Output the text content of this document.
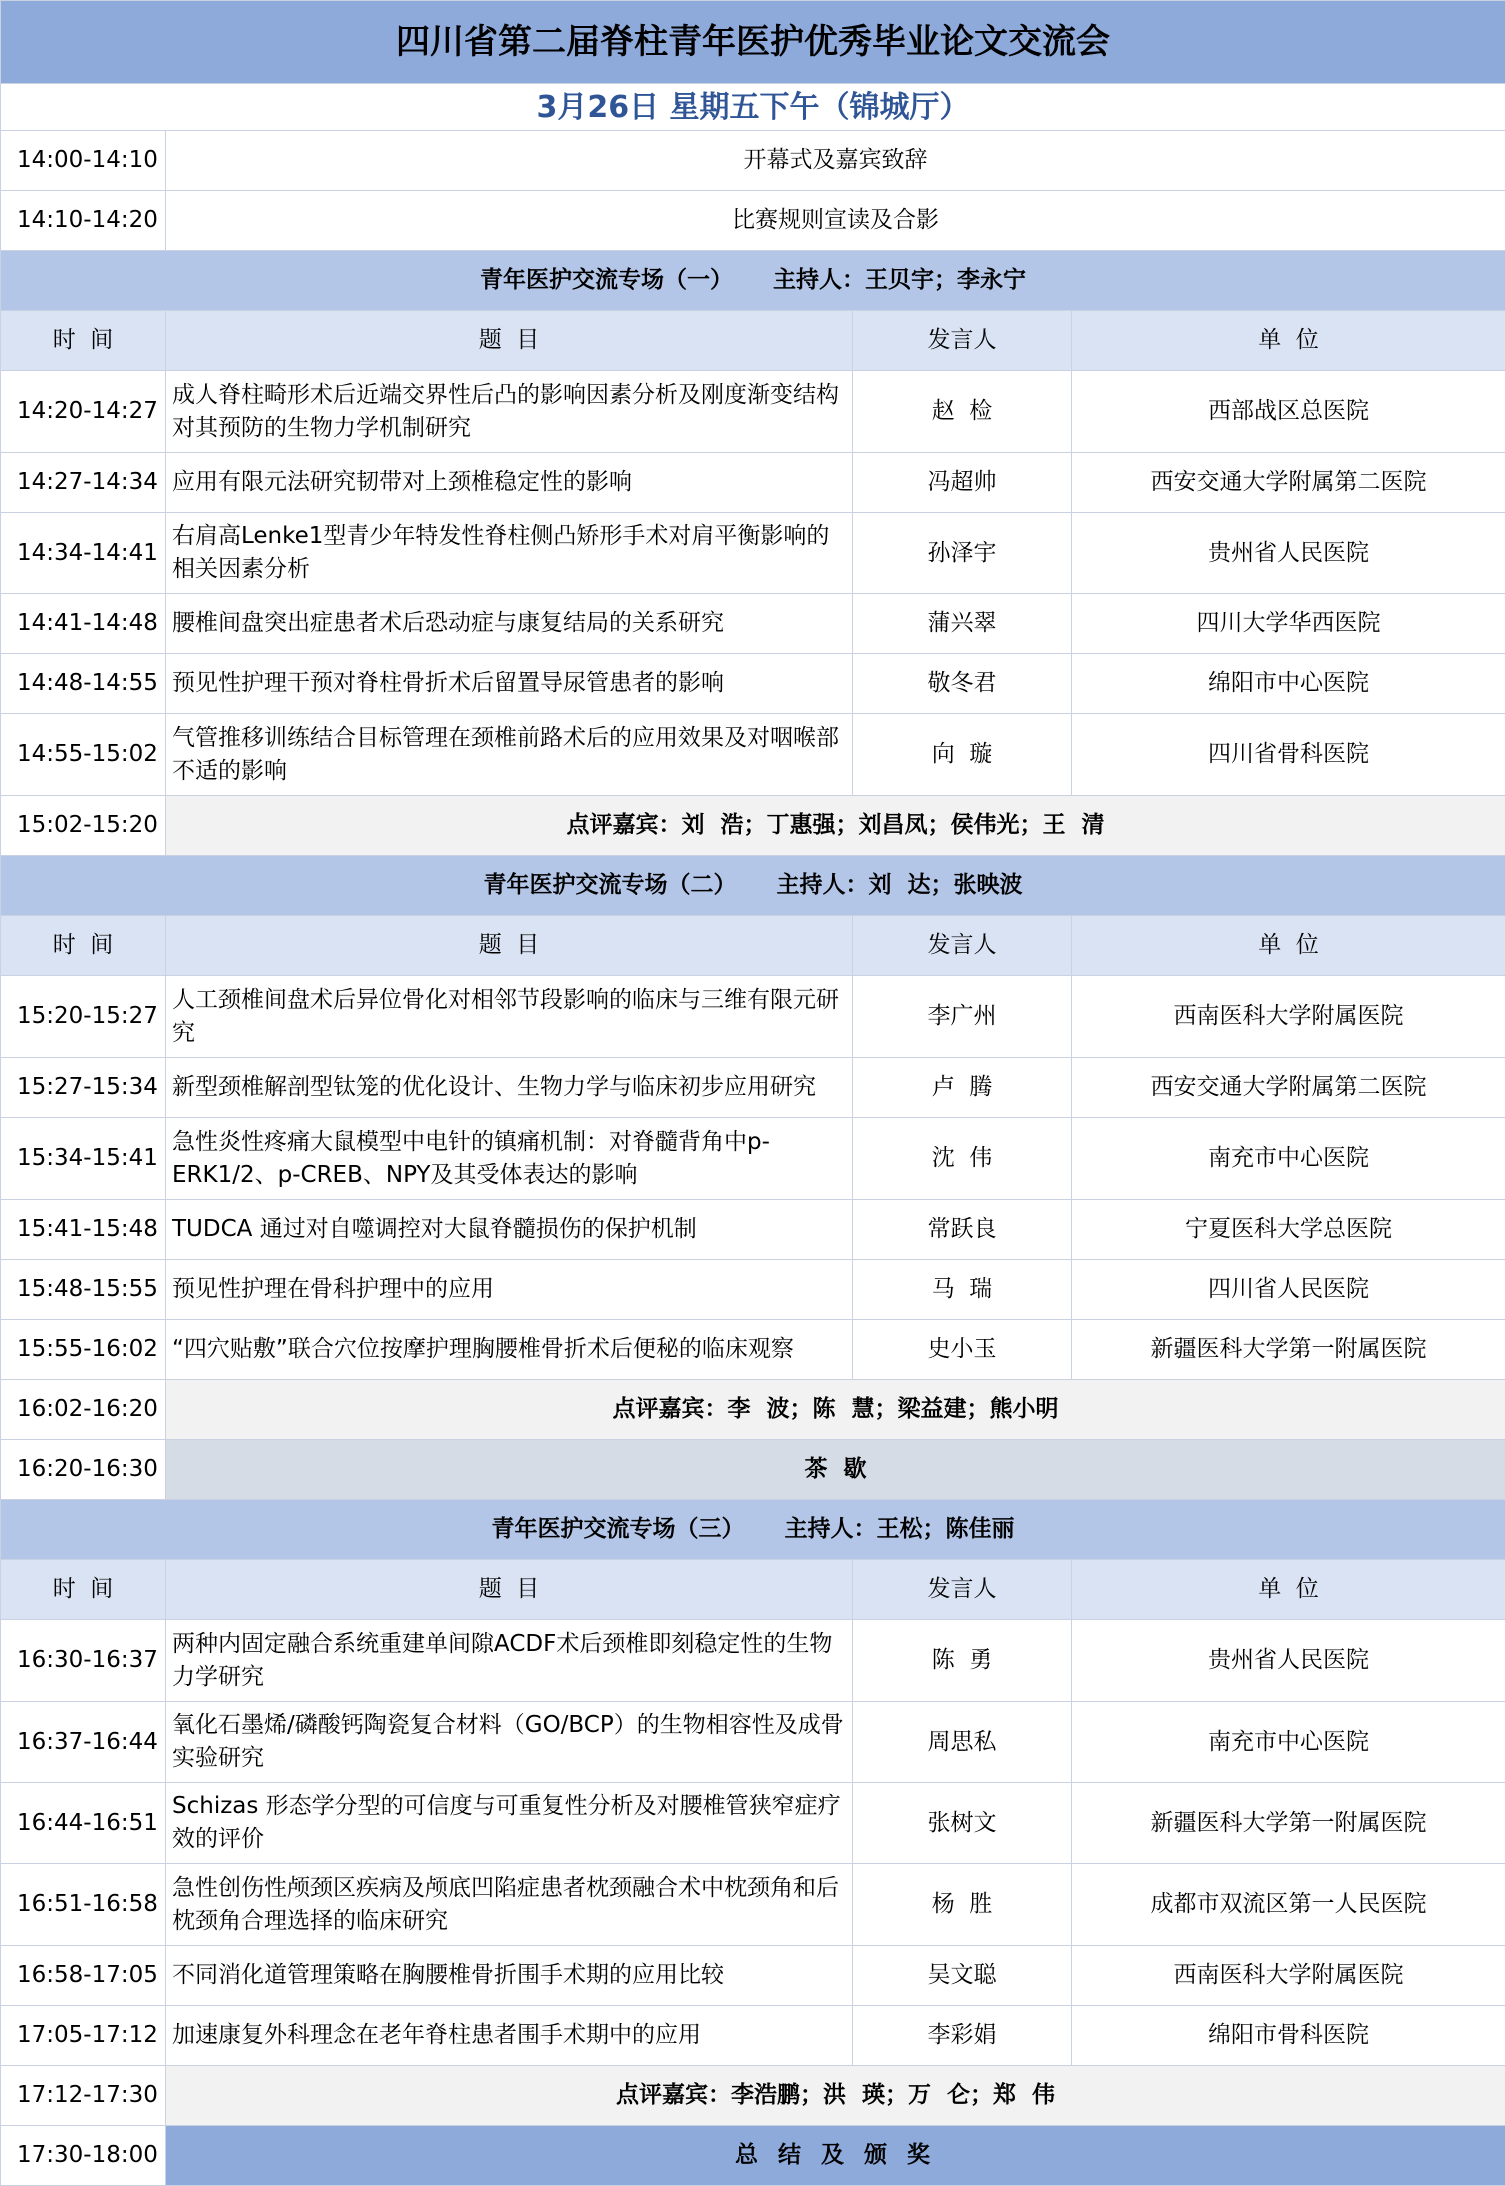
四川省第二届脊柱青年医护优秀毕业论文交流会			
3月26日 星期五下午（锦城厅）			
14:00-14:10	开幕式及嘉宾致辞		
14:10-14:20	比赛规则宣读及合影		
青年医护交流专场（一）     主持人：王贝宇；李永宁			
时  间	题  目	发言人	单  位
14:20-14:27	成人脊柱畸形术后近端交界性后凸的影响因素分析及刚度渐变结构对其预防的生物力学机制研究	赵  检	西部战区总医院
14:27-14:34	应用有限元法研究韧带对上颈椎稳定性的影响	冯超帅	西安交通大学附属第二医院
14:34-14:41	右肩高Lenke1型青少年特发性脊柱侧凸矫形手术对肩平衡影响的相关因素分析	孙泽宇	贵州省人民医院
14:41-14:48	腰椎间盘突出症患者术后恐动症与康复结局的关系研究	蒲兴翠	四川大学华西医院
14:48-14:55	预见性护理干预对脊柱骨折术后留置导尿管患者的影响	敬冬君	绵阳市中心医院
14:55-15:02	气管推移训练结合目标管理在颈椎前路术后的应用效果及对咽喉部不适的影响	向  璇	四川省骨科医院
15:02-15:20	点评嘉宾：刘  浩；丁惠强；刘昌凤；侯伟光；王  清		
青年医护交流专场（二）     主持人：刘  达；张映波			
时  间	题  目	发言人	单  位
15:20-15:27	人工颈椎间盘术后异位骨化对相邻节段影响的临床与三维有限元研究	李广州	西南医科大学附属医院
15:27-15:34	新型颈椎解剖型钛笼的优化设计、生物力学与临床初步应用研究	卢  腾	西安交通大学附属第二医院
15:34-15:41	急性炎性疼痛大鼠模型中电针的镇痛机制：对脊髓背角中p-ERK1/2、p-CREB、NPY及其受体表达的影响	沈  伟	南充市中心医院
15:41-15:48	TUDCA 通过对自噬调控对大鼠脊髓损伤的保护机制	常跃良	宁夏医科大学总医院
15:48-15:55	预见性护理在骨科护理中的应用	马  瑞	四川省人民医院
15:55-16:02	“四穴贴敷”联合穴位按摩护理胸腰椎骨折术后便秘的临床观察	史小玉	新疆医科大学第一附属医院
16:02-16:20	点评嘉宾：李  波；陈  慧；梁益建；熊小明		
16:20-16:30	茶  歇		
青年医护交流专场（三）     主持人：王松；陈佳丽			
时  间	题  目	发言人	单  位
16:30-16:37	两种内固定融合系统重建单间隙ACDF术后颈椎即刻稳定性的生物力学研究	陈  勇	贵州省人民医院
16:37-16:44	氧化石墨烯/磷酸钙陶瓷复合材料（GO/BCP）的生物相容性及成骨实验研究	周思私	南充市中心医院
16:44-16:51	Schizas 形态学分型的可信度与可重复性分析及对腰椎管狭窄症疗效的评价	张树文	新疆医科大学第一附属医院
16:51-16:58	急性创伤性颅颈区疾病及颅底凹陷症患者枕颈融合术中枕颈角和后枕颈角合理选择的临床研究	杨  胜	成都市双流区第一人民医院
16:58-17:05	不同消化道管理策略在胸腰椎骨折围手术期的应用比较	吴文聪	西南医科大学附属医院
17:05-17:12	加速康复外科理念在老年脊柱患者围手术期中的应用	李彩娟	绵阳市骨科医院
17:12-17:30	点评嘉宾：李浩鹏；洪  瑛；万  仑；郑  伟		
17:30-18:00	总 结 及 颁 奖		
